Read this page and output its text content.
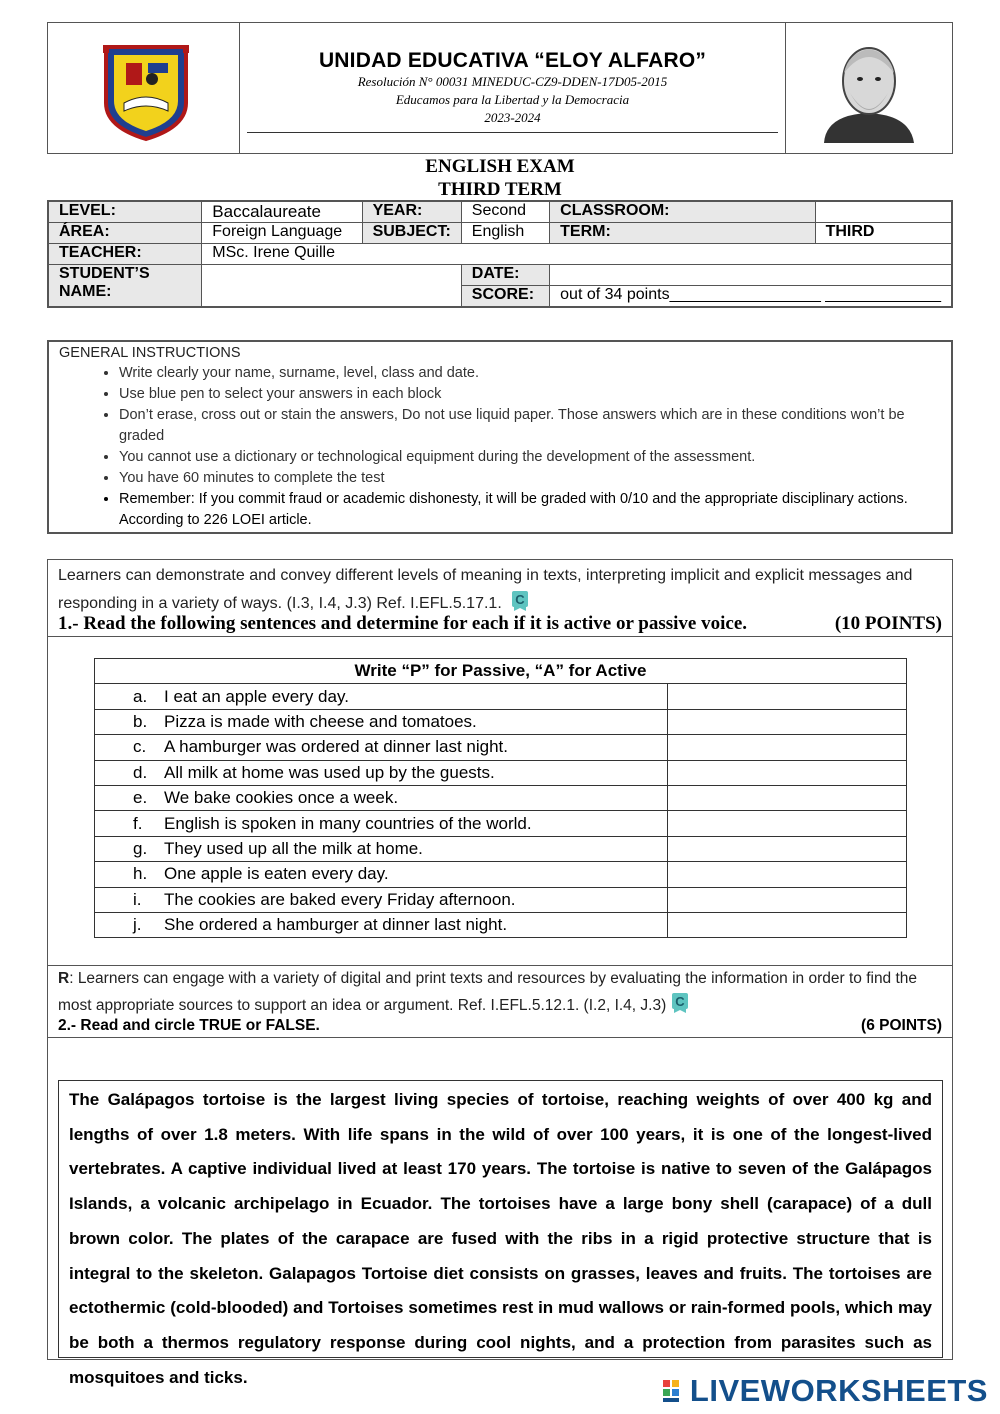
UNIDAD EDUCATIVA “ELOY ALFARO”
Resolución N° 00031 MINEDUC-CZ9-DDEN-17D05-2015
Educamos para la Libertad y la Democracia
2023-2024
ENGLISH EXAM
THIRD TERM
LEVEL:	Baccalaureate	YEAR:	Second	CLASSROOM:	
ÁREA:	Foreign Language	SUBJECT:	English	TERM:	THIRD
TEACHER:	MSc. Irene Quille				
STUDENT’S NAME:			DATE:		
			SCORE:	out of 34 points_________________ _____________	
GENERAL INSTRUCTIONS
• Write clearly your name, surname, level, class and date.
• Use blue pen to select your answers in each block
• Don’t erase, cross out or stain the answers, Do not use liquid paper. Those answers which are in these conditions won’t be graded
• You cannot use a dictionary or technological equipment during the development of the assessment.
• You have 60 minutes to complete the test
• Remember: If you commit fraud or academic dishonesty, it will be graded with 0/10 and the appropriate disciplinary actions. According to 226 LOEI article.
Learners can demonstrate and convey different levels of meaning in texts, interpreting implicit and explicit messages and responding in a variety of ways. (I.3, I.4, J.3) Ref. I.EFL.5.17.1. C
1.- Read the following sentences and determine for each if it is active or passive voice.	(10 POINTS)
Write “P” for Passive, “A” for Active	
a. I eat an apple every day.	
b. Pizza is made with cheese and tomatoes.	
c. A hamburger was ordered at dinner last night.	
d. All milk at home was used up by the guests.	
e. We bake cookies once a week.	
f. English is spoken in many countries of the world.	
g. They used up all the milk at home.	
h. One apple is eaten every day.	
i. The cookies are baked every Friday afternoon.	
j. She ordered a hamburger at dinner last night.	
R: Learners can engage with a variety of digital and print texts and resources by evaluating the information in order to find the most appropriate sources to support an idea or argument. Ref. I.EFL.5.12.1. (I.2, I.4, J.3) C
2.- Read and circle TRUE or FALSE.	(6 POINTS)
The Galápagos tortoise is the largest living species of tortoise, reaching weights of over 400 kg and lengths of over 1.8 meters. With life spans in the wild of over 100 years, it is one of the longest-lived vertebrates. A captive individual lived at least 170 years. The tortoise is native to seven of the Galápagos Islands, a volcanic archipelago in Ecuador. The tortoises have a large bony shell (carapace) of a dull brown color. The plates of the carapace are fused with the ribs in a rigid protective structure that is integral to the skeleton. Galapagos Tortoise diet consists on grasses, leaves and fruits. The tortoises are ectothermic (cold-blooded) and Tortoises sometimes rest in mud wallows or rain-formed pools, which may be both a thermos regulatory response during cool nights, and a protection from parasites such as mosquitoes and ticks.	LIVEWORKSHEETS
